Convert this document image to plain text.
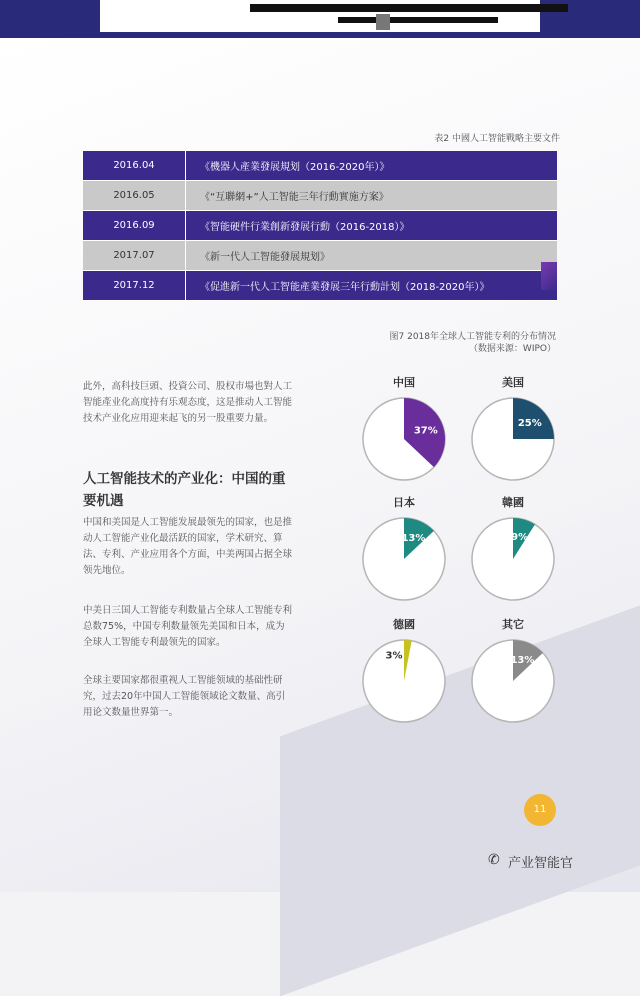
表2 中國人工智能戰略主要文件
2016.04	《機器人產業發展規划（2016-2020年）》
2016.05	《“互聯網+”人工智能三年行動實施方案》
2016.09	《智能硬件行業創新發展行動（2016-2018）》
2017.07	《新一代人工智能發展規划》
2017.12	《促進新一代人工智能產業發展三年行動計划（2018-2020年）》
图7 2018年全球人工智能专利的分布情况
（数据来源：WIPO）

此外，高科技巨頭、投資公司、股权市場也對人工智能產业化高度持有乐观态度，这是推动人工智能技术产业化应用迎来起飞的另一股重要力量。

人工智能技术的产业化：中国的重要机遇

中国和美国是人工智能发展最领先的国家，也是推动人工智能产业化最活跃的国家，学术研究、算法、专利、产业应用各个方面，中美两国占据全球领先地位。

中美日三国人工智能专利数量占全球人工智能专利总数75%，中国专利数量领先美国和日本，成为全球人工智能专利最领先的国家。

全球主要国家都很重视人工智能领域的基础性研究，过去20年中国人工智能领域论文数量、高引用论文数量世界第一。

中国
37%
美国
25%
日本
13%
韓國
9%
德國
3%
其它
13%
11
✆ 产业智能官
